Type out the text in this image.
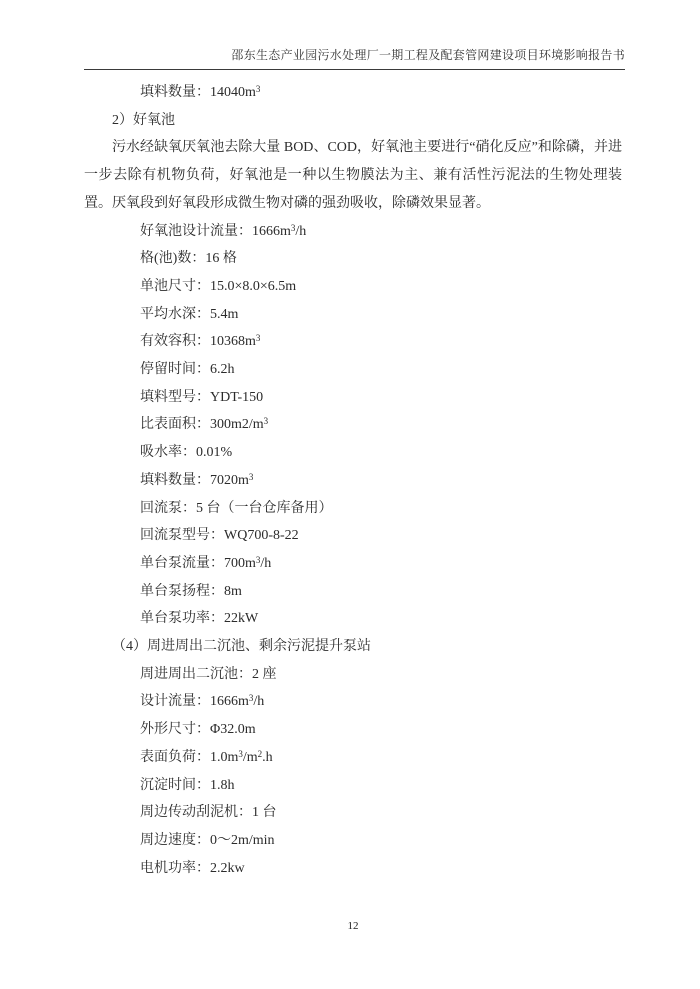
邵东生态产业园污水处理厂一期工程及配套管网建设项目环境影响报告书
填料数量：$14040m^3$
2）好氧池
污水经缺氧厌氧池去除大量 BOD、COD，好氧池主要进行“硝化反应”和除磷，并进一步去除有机物负荷，好氧池是一种以生物膜法为主、兼有活性污泥法的生物处理装置。厌氧段到好氧段形成微生物对磷的强劲吸收，除磷效果显著。
好氧池设计流量：$1666m^3/h$
格(池)数：16 格
单池尺寸：15.0×8.0×6.5m
平均水深：5.4m
有效容积：$10368m^3$
停留时间：6.2h
填料型号：YDT-150
比表面积：$300m2/m^3$
吸水率：0.01%
填料数量：$7020m^3$
回流泵：5 台（一台仓库备用）
回流泵型号：WQ700-8-22
单台泵流量：$700m^3/h$
单台泵扬程：8m
单台泵功率：22kW
（4）周进周出二沉池、剩余污泥提升泵站
周进周出二沉池：2 座
设计流量：$1666m^3/h$
外形尺寸：Φ32.0m
表面负荷：$1.0m^3/m^2.h$
沉淀时间：1.8h
周边传动刮泥机：1 台
周边速度：0～2m/min
电机功率：2.2kw
12
